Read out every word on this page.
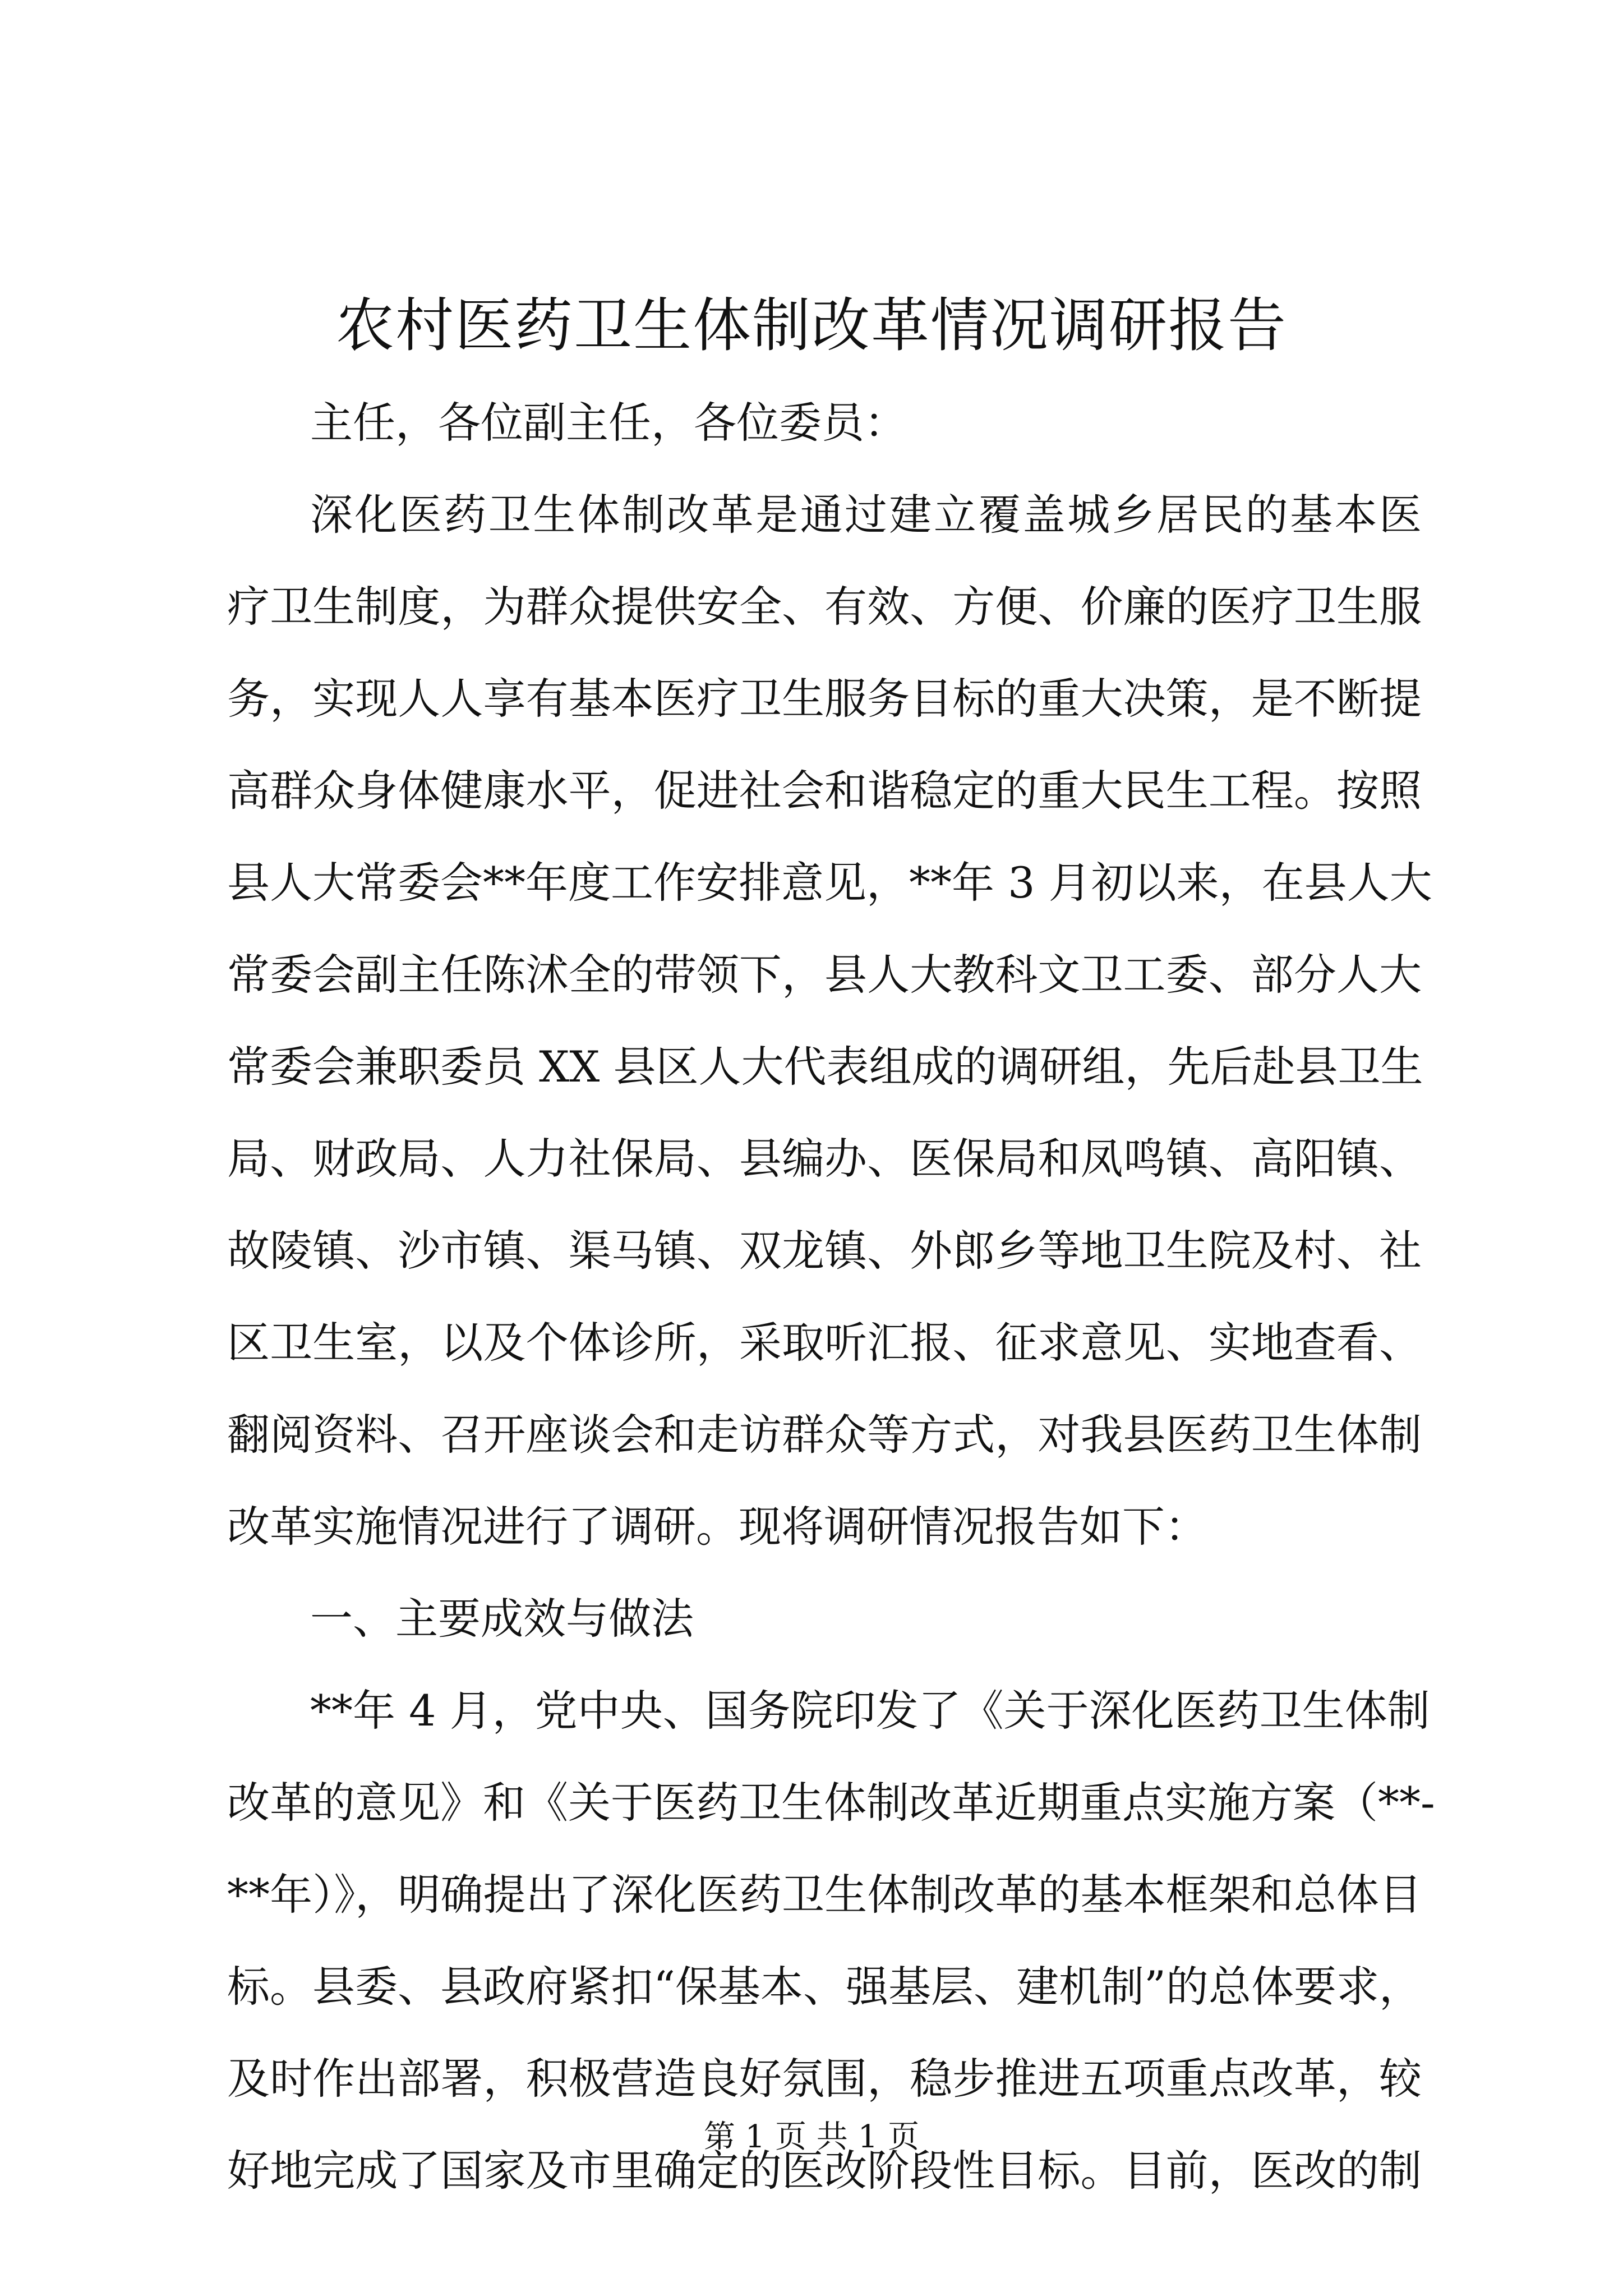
农村医药卫生体制改革情况调研报告
主任，各位副主任，各位委员：
深化医药卫生体制改革是通过建立覆盖城乡居民的基本医
疗卫生制度，为群众提供安全、有效、方便、价廉的医疗卫生服
务，实现人人享有基本医疗卫生服务目标的重大决策，是不断提
高群众身体健康水平，促进社会和谐稳定的重大民生工程。按照
县人大常委会**年度工作安排意见，**年 3 月初以来，在县人大
常委会副主任陈沭全的带领下，县人大教科文卫工委、部分人大
常委会兼职委员 XX 县区人大代表组成的调研组，先后赴县卫生
局、财政局、人力社保局、县编办、医保局和凤鸣镇、高阳镇、
故陵镇、沙市镇、渠马镇、双龙镇、外郎乡等地卫生院及村、社
区卫生室，以及个体诊所，采取听汇报、征求意见、实地查看、
翻阅资料、召开座谈会和走访群众等方式，对我县医药卫生体制
改革实施情况进行了调研。现将调研情况报告如下：
一、主要成效与做法
**年 4 月，党中央、国务院印发了《关于深化医药卫生体制
改革的意见》和《关于医药卫生体制改革近期重点实施方案（**-
**年）》，明确提出了深化医药卫生体制改革的基本框架和总体目
标。县委、县政府紧扣“保基本、强基层、建机制”的总体要求，
及时作出部署，积极营造良好氛围，稳步推进五项重点改革，较
好地完成了国家及市里确定的医改阶段性目标。目前，医改的制
第 1 页 共 1 页
